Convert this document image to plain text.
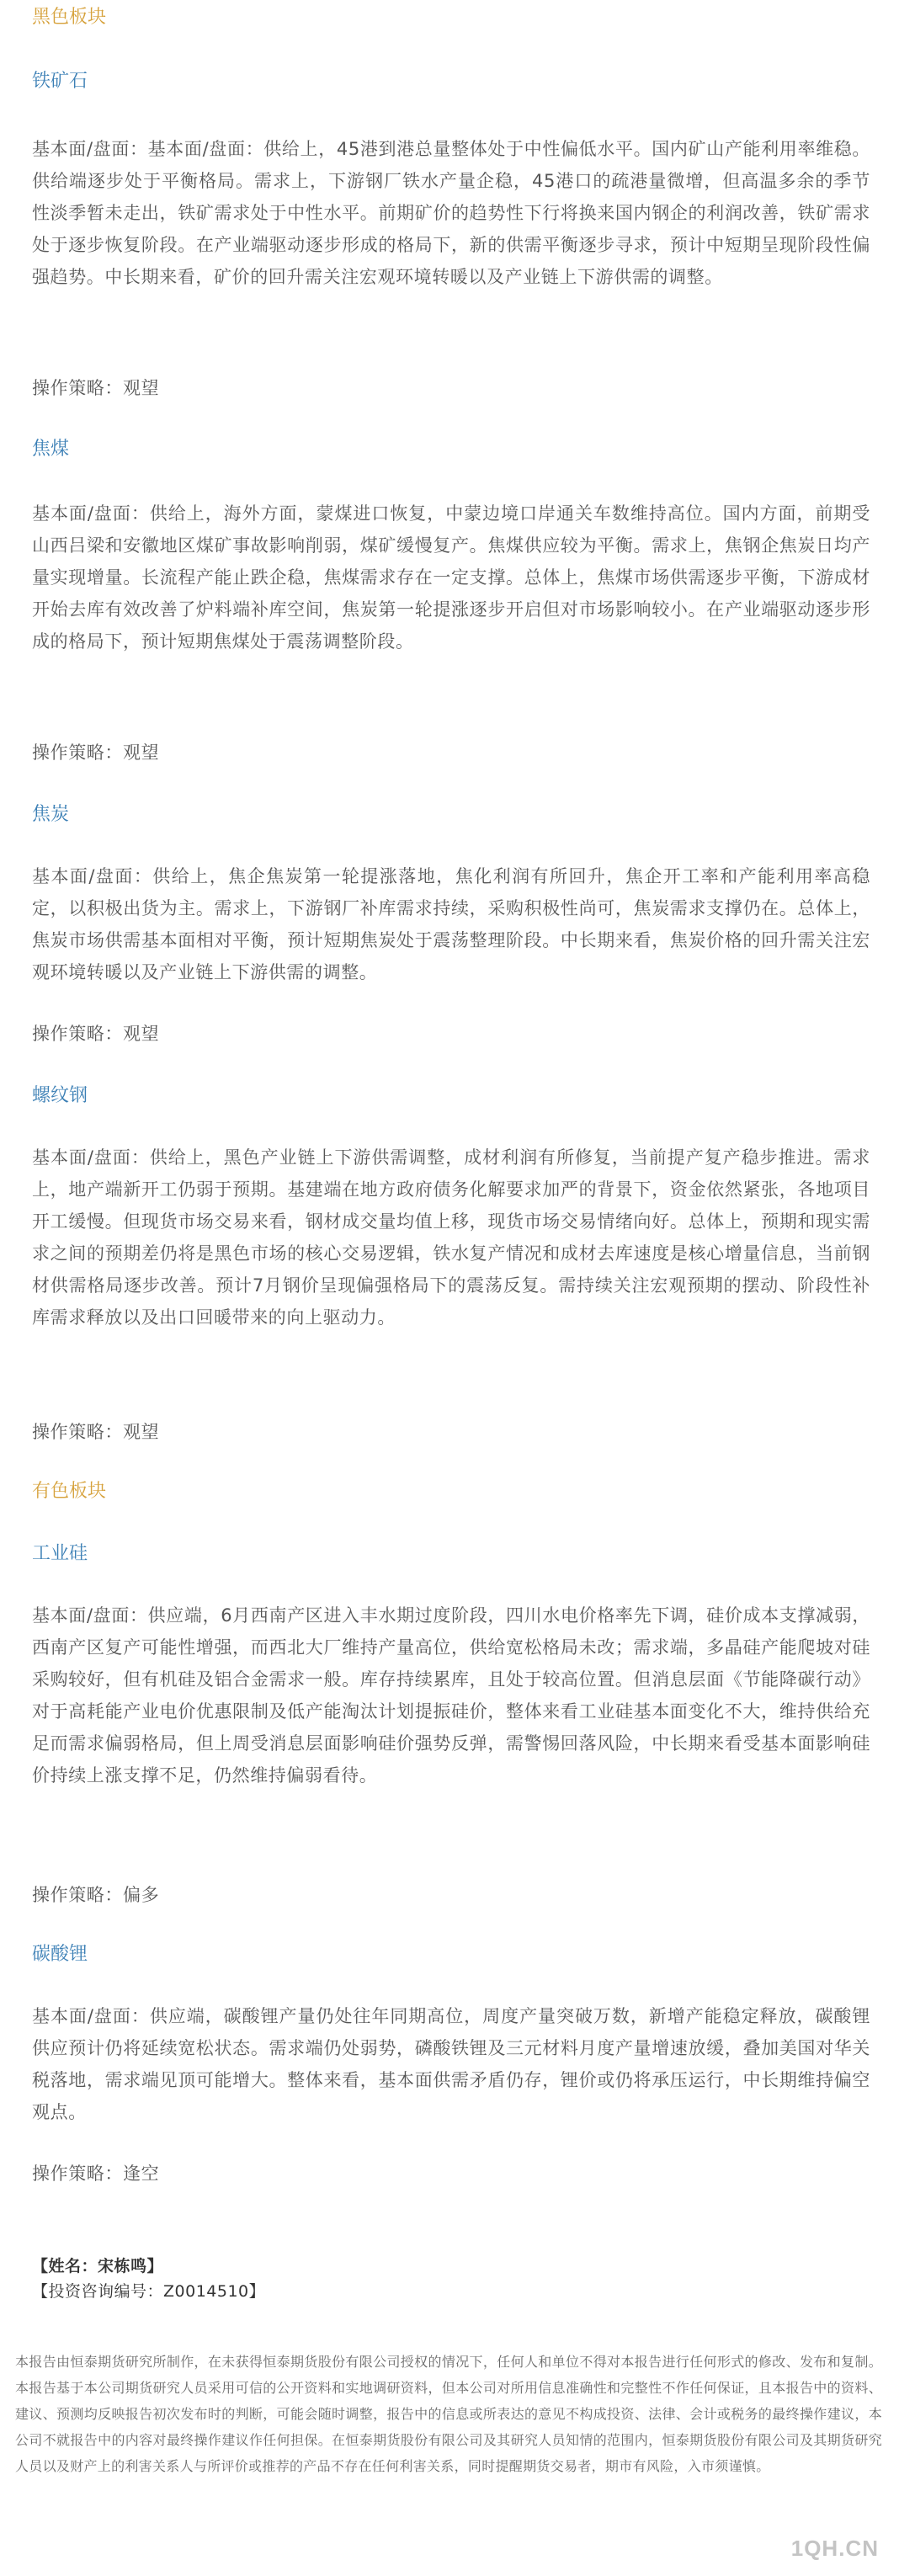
黑色板块
铁矿石

基本面/盘面：基本面/盘面：供给上，45港到港总量整体处于中性偏低水平。国内矿山产能利用率维稳。供给端逐步处于平衡格局。需求上，下游钢厂铁水产量企稳，45港口的疏港量微增，但高温多余的季节性淡季暂未走出，铁矿需求处于中性水平。前期矿价的趋势性下行将换来国内钢企的利润改善，铁矿需求处于逐步恢复阶段。在产业端驱动逐步形成的格局下，新的供需平衡逐步寻求，预计中短期呈现阶段性偏强趋势。中长期来看，矿价的回升需关注宏观环境转暖以及产业链上下游供需的调整。

操作策略：观望

焦煤

基本面/盘面：供给上，海外方面，蒙煤进口恢复，中蒙边境口岸通关车数维持高位。国内方面，前期受山西吕梁和安徽地区煤矿事故影响削弱，煤矿缓慢复产。焦煤供应较为平衡。需求上，焦钢企焦炭日均产量实现增量。长流程产能止跌企稳，焦煤需求存在一定支撑。总体上，焦煤市场供需逐步平衡，下游成材开始去库有效改善了炉料端补库空间，焦炭第一轮提涨逐步开启但对市场影响较小。在产业端驱动逐步形成的格局下，预计短期焦煤处于震荡调整阶段。

操作策略：观望

焦炭

基本面/盘面：供给上，焦企焦炭第一轮提涨落地，焦化利润有所回升，焦企开工率和产能利用率高稳定，以积极出货为主。需求上，下游钢厂补库需求持续，采购积极性尚可，焦炭需求支撑仍在。总体上，焦炭市场供需基本面相对平衡，预计短期焦炭处于震荡整理阶段。中长期来看，焦炭价格的回升需关注宏观环境转暖以及产业链上下游供需的调整。

操作策略：观望

螺纹钢

基本面/盘面：供给上，黑色产业链上下游供需调整，成材利润有所修复，当前提产复产稳步推进。需求上，地产端新开工仍弱于预期。基建端在地方政府债务化解要求加严的背景下，资金依然紧张，各地项目开工缓慢。但现货市场交易来看，钢材成交量均值上移，现货市场交易情绪向好。总体上，预期和现实需求之间的预期差仍将是黑色市场的核心交易逻辑，铁水复产情况和成材去库速度是核心增量信息，当前钢材供需格局逐步改善。预计7月钢价呈现偏强格局下的震荡反复。需持续关注宏观预期的摆动、阶段性补库需求释放以及出口回暖带来的向上驱动力。

操作策略：观望

有色板块
工业硅

基本面/盘面：供应端，6月西南产区进入丰水期过度阶段，四川水电价格率先下调，硅价成本支撑减弱，西南产区复产可能性增强，而西北大厂维持产量高位，供给宽松格局未改；需求端，多晶硅产能爬坡对硅采购较好，但有机硅及铝合金需求一般。库存持续累库，且处于较高位置。但消息层面《节能降碳行动》对于高耗能产业电价优惠限制及低产能淘汰计划提振硅价，整体来看工业硅基本面变化不大，维持供给充足而需求偏弱格局，但上周受消息层面影响硅价强势反弹，需警惕回落风险，中长期来看受基本面影响硅价持续上涨支撑不足，仍然维持偏弱看待。

操作策略：偏多

碳酸锂

基本面/盘面：供应端，碳酸锂产量仍处往年同期高位，周度产量突破万数，新增产能稳定释放，碳酸锂供应预计仍将延续宽松状态。需求端仍处弱势，磷酸铁锂及三元材料月度产量增速放缓，叠加美国对华关税落地，需求端见顶可能增大。整体来看，基本面供需矛盾仍存，锂价或仍将承压运行，中长期维持偏空观点。

操作策略：逢空

【姓名：宋栋鸣】

【投资咨询编号：Z0014510】

本报告由恒泰期货研究所制作，在未获得恒泰期货股份有限公司授权的情况下，任何人和单位不得对本报告进行任何形式的修改、发布和复制。本报告基于本公司期货研究人员采用可信的公开资料和实地调研资料，但本公司对所用信息准确性和完整性不作任何保证，且本报告中的资料、建议、预测均反映报告初次发布时的判断，可能会随时调整，报告中的信息或所表达的意见不构成投资、法律、会计或税务的最终操作建议，本公司不就报告中的内容对最终操作建议作任何担保。在恒泰期货股份有限公司及其研究人员知情的范围内，恒泰期货股份有限公司及其期货研究人员以及财产上的利害关系人与所评价或推荐的产品不存在任何利害关系，同时提醒期货交易者，期市有风险，入市须谨慎。

1QH.CN
